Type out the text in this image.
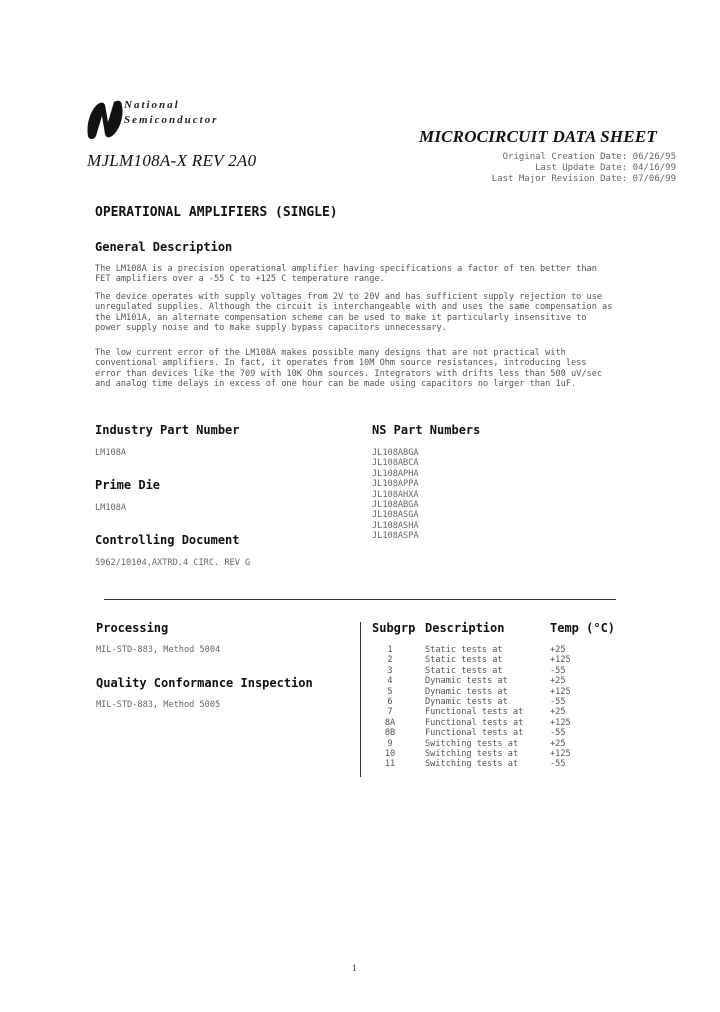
National
Semiconductor
MICROCIRCUIT DATA SHEET
MJLM108A-X REV 2A0	Original Creation Date: 06/26/95
Last Update Date: 04/16/99
Last Major Revision Date: 07/06/99
OPERATIONAL AMPLIFIERS (SINGLE)
General Description
The LM108A is a precision operational amplifier having specifications a factor of ten better than FET amplifiers over a -55 C to +125 C temperature range.
The device operates with supply voltages from 2V to 20V and has sufficient supply rejection to use unregulated supplies. Although the circuit is interchangeable with and uses the same compensation as the LM101A, an alternate compensation scheme can be used to make it particularly insensitive to power supply noise and to make supply bypass capacitors unnecessary.
The low current error of the LM108A makes possible many designs that are not practical with conventional amplifiers. In fact, it operates from 10M Ohm source resistances, introducing less error than devices like the 709 with 10K Ohm sources. Integrators with drifts less than 500 uV/sec and analog time delays in excess of one hour can be made using capacitors no larger than 1uF.
Industry Part Number
LM108A
Prime Die
LM108A
Controlling Document
5962/10104,AXTRD.4 CIRC. REV G
NS Part Numbers
JL108ABGA
JL108ABCA
JL108APHA
JL108APPA
JL108AHXA
JL108ABGA
JL108ASGA
JL108ASHA
JL108ASPA
Processing
MIL-STD-883, Method 5004
Quality Conformance Inspection
MIL-STD-883, Method 5005
Subgrp Description	Temp (°C)
1	Static tests at	+25
2	Static tests at	+125
3	Static tests at	-55
4	Dynamic tests at	+25
5	Dynamic tests at	+125
6	Dynamic tests at	-55
7	Functional tests at	+25
8A	Functional tests at	+125
8B	Functional tests at	-55
9	Switching tests at	+25
10	Switching tests at	+125
11	Switching tests at	-55
1
